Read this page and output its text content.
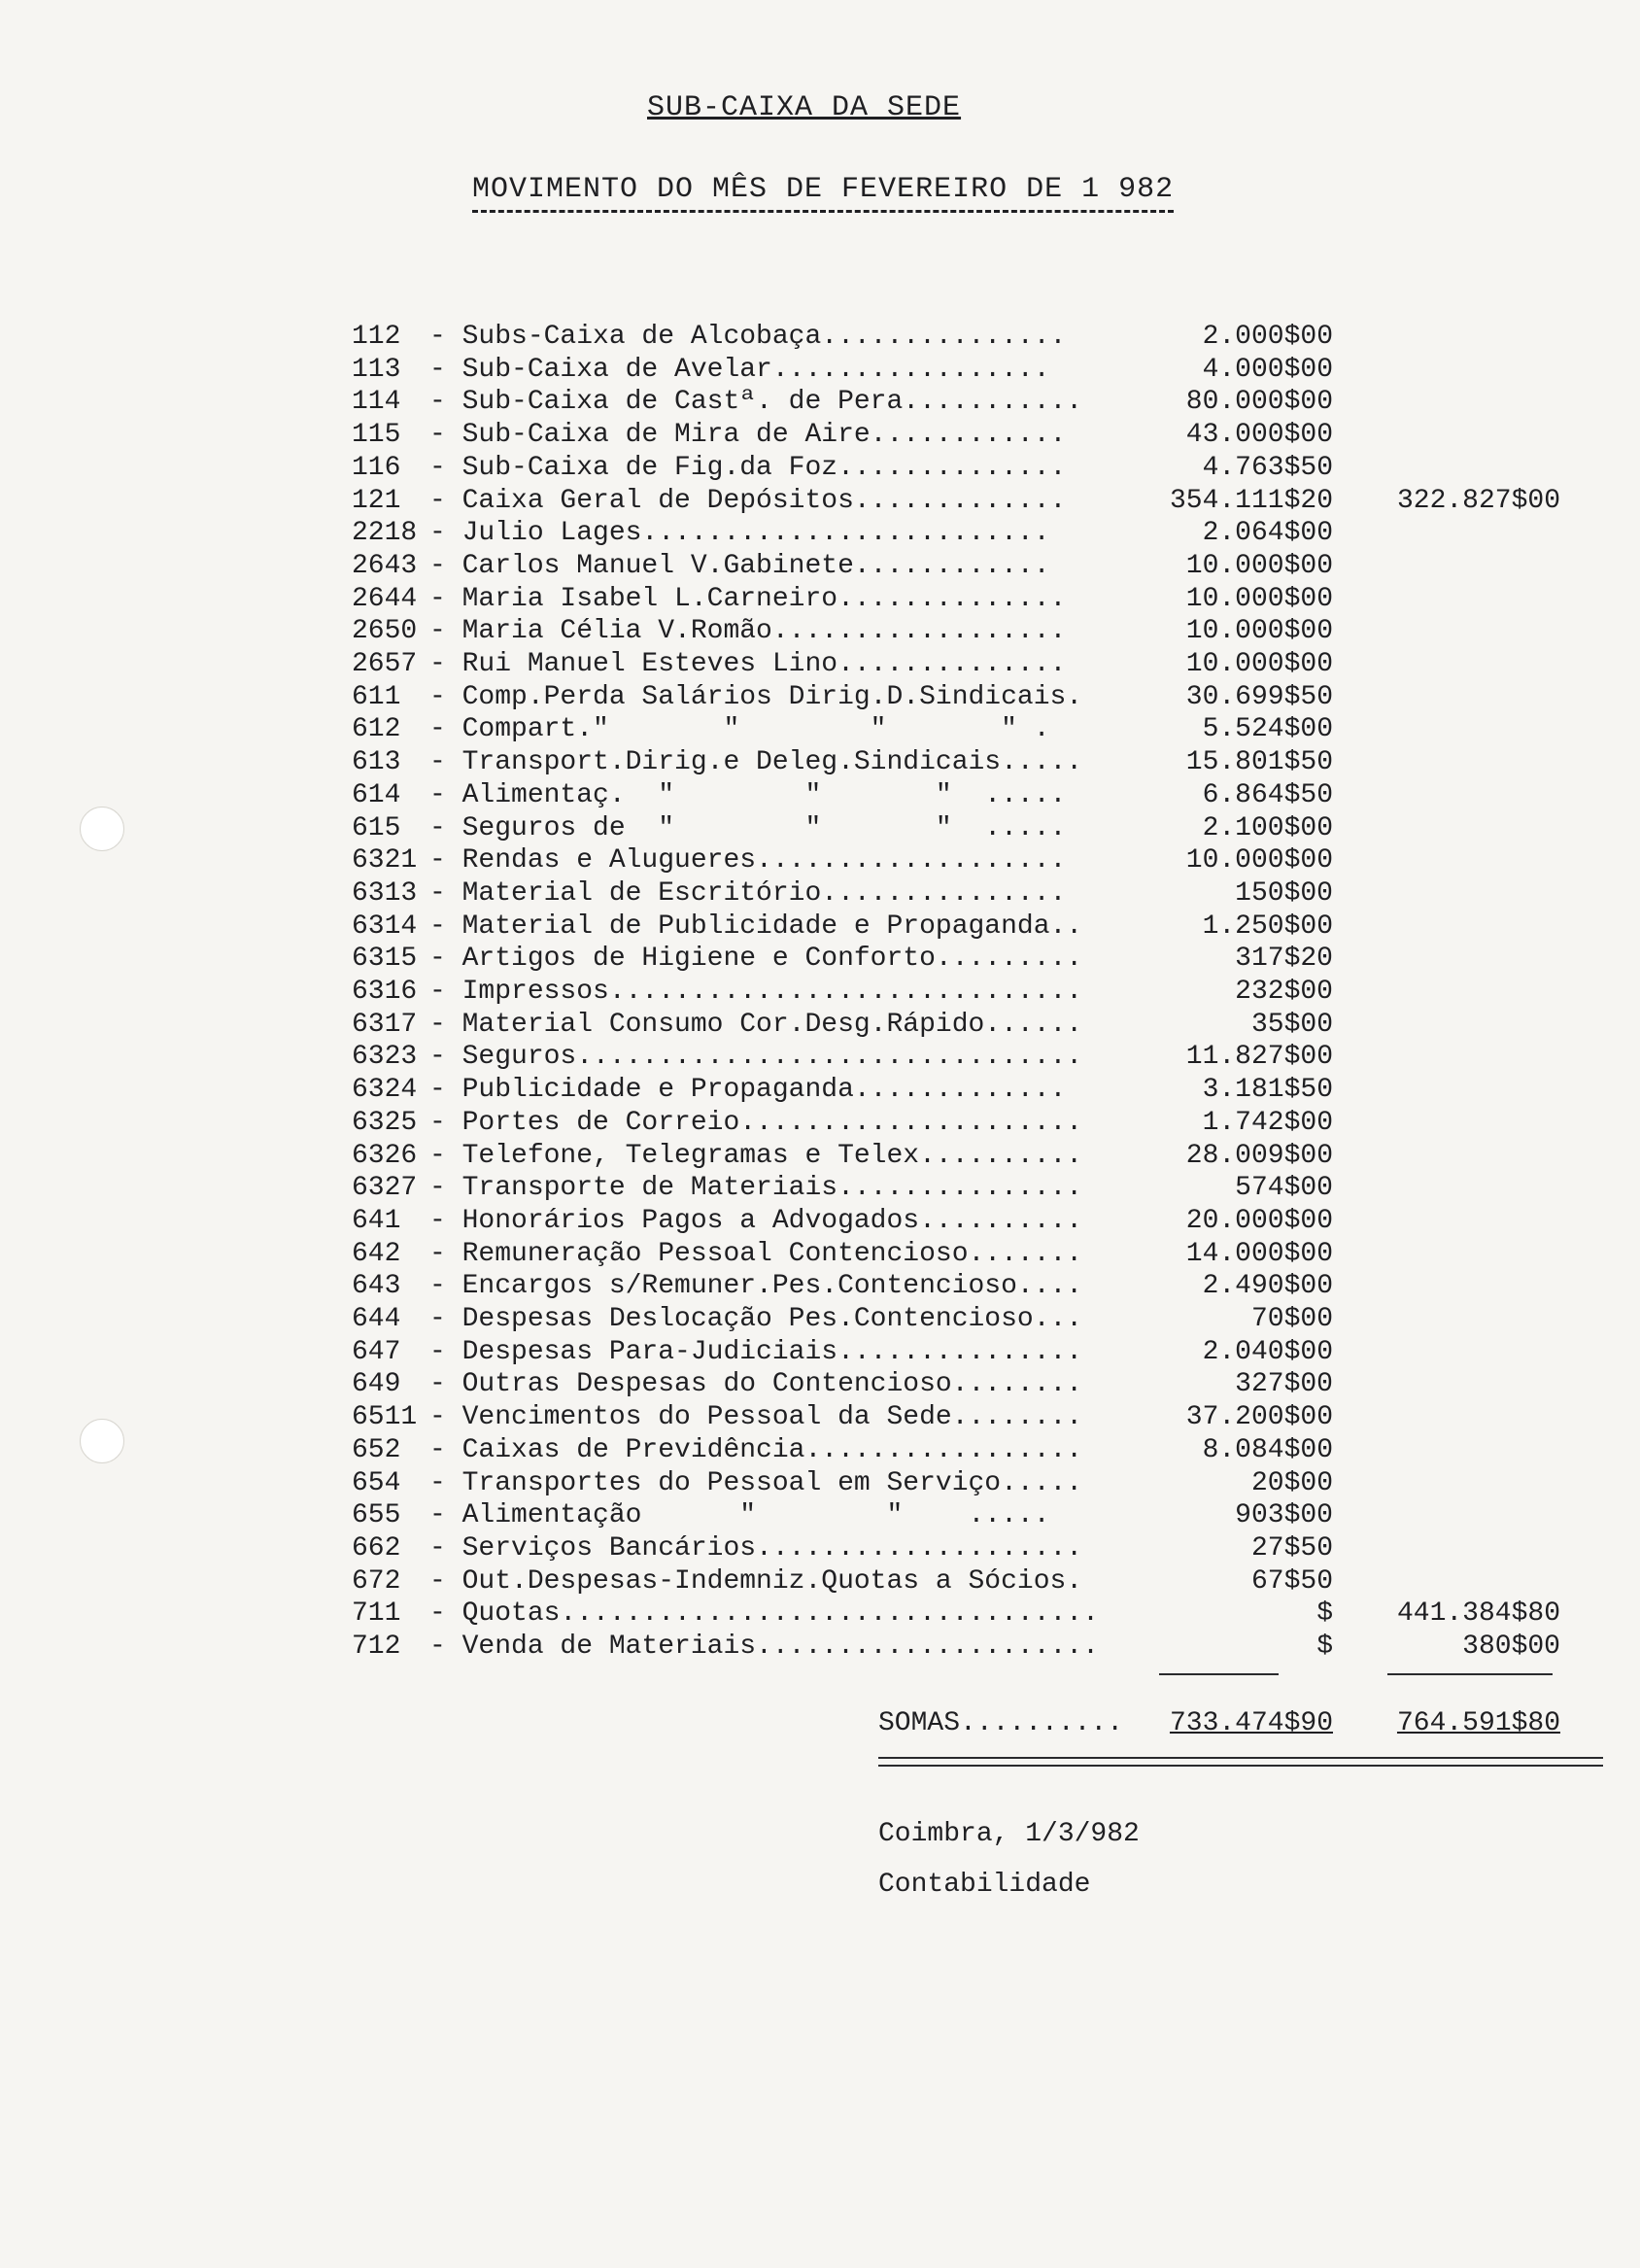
SUB-CAIXA DA SEDE
MOVIMENTO DO MÊS DE FEVEREIRO DE 1 982
112 - Subs-Caixa de Alcobaça...............	2.000$00
113 - Sub-Caixa de Avelar.................	4.000$00
114 - Sub-Caixa de Castª. de Pera...........	80.000$00
115 - Sub-Caixa de Mira de Aire............	43.000$00
116 - Sub-Caixa de Fig.da Foz..............	4.763$50
121 - Caixa Geral de Depósitos.............	354.111$20 322.827$00
2218 - Julio Lages.........................	2.064$00
2643 - Carlos Manuel V.Gabinete............	10.000$00
2644 - Maria Isabel L.Carneiro..............	10.000$00
2650 - Maria Célia V.Romão..................	10.000$00
2657 - Rui Manuel Esteves Lino..............	10.000$00
611 - Comp.Perda Salários Dirig.D.Sindicais.	30.699$50
612 - Compart."       "        "       " .	5.524$00
613 - Transport.Dirig.e Deleg.Sindicais.....	15.801$50
614 - Alimentaç.  "        "       "  .....	6.864$50
615 - Seguros de  "        "       "  .....	2.100$00
6321 - Rendas e Alugueres...................	10.000$00
6313 - Material de Escritório...............	150$00
6314 - Material de Publicidade e Propaganda..	1.250$00
6315 - Artigos de Higiene e Conforto.........	317$20
6316 - Impressos.............................	232$00
6317 - Material Consumo Cor.Desg.Rápido......	35$00
6323 - Seguros...............................	11.827$00
6324 - Publicidade e Propaganda.............	3.181$50
6325 - Portes de Correio.....................	1.742$00
6326 - Telefone, Telegramas e Telex..........	28.009$00
6327 - Transporte de Materiais...............	574$00
641 - Honorários Pagos a Advogados..........	20.000$00
642 - Remuneração Pessoal Contencioso.......	14.000$00
643 - Encargos s/Remuner.Pes.Contencioso....	2.490$00
644 - Despesas Deslocação Pes.Contencioso...	70$00
647 - Despesas Para-Judiciais...............	2.040$00
649 - Outras Despesas do Contencioso........	327$00
6511 - Vencimentos do Pessoal da Sede........	37.200$00
652 - Caixas de Previdência.................	8.084$00
654 - Transportes do Pessoal em Serviço.....	20$00
655 - Alimentação      "        "    .....	903$00
662 - Serviços Bancários....................	27$50
672 - Out.Despesas-Indemniz.Quotas a Sócios.	67$50
711 - Quotas.................................	$ 441.384$80
712 - Venda de Materiais.....................	$	380$00
SOMAS.......... 733.474$90 764.591$80
Coimbra, 1/3/982
Contabilidade
